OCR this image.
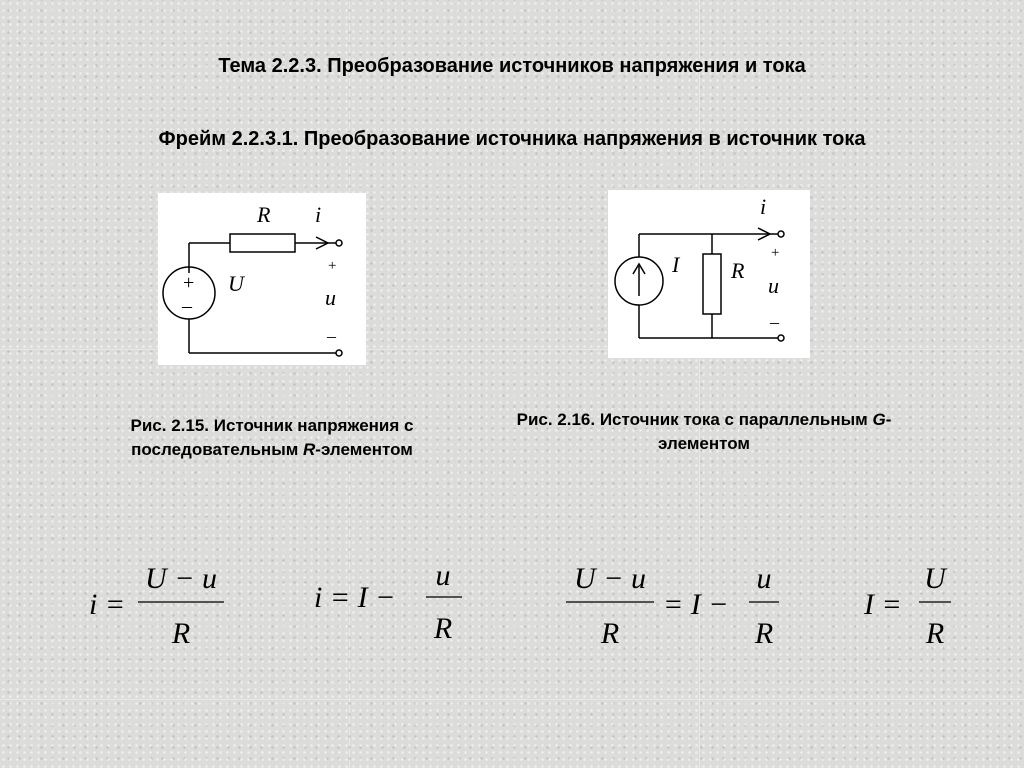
Тема 2.2.3. Преобразование источников напряжения и тока
Фрейм 2.2.3.1. Преобразование источника напряжения в источник тока
R i
+
–
U
+
u
–
i
I R
+
u
–
Рис. 2.15. Источник напряжения с последовательным R-элементом
Рис. 2.16. Источник тока с параллельным G-элементом
i =
U − u
R
i = I −
u
R
U − u
R
= I −
u
R
I =
U
R
